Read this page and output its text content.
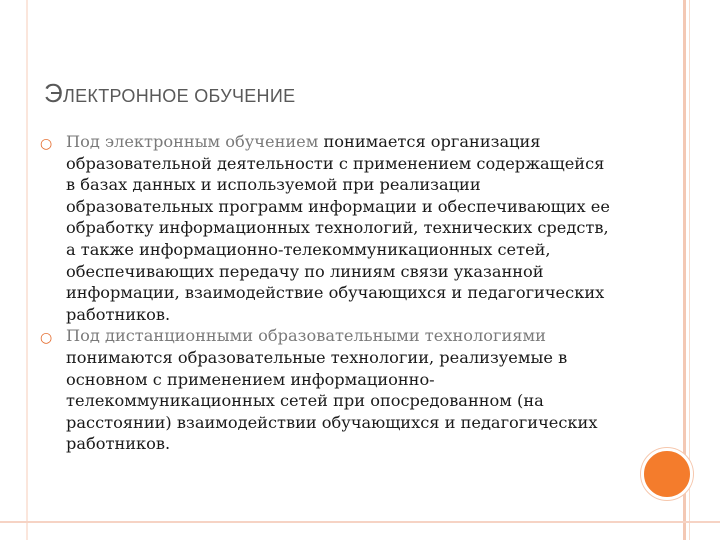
ЭЛЕКТРОННОЕ ОБУЧЕНИЕ
○ Под электронным обучением понимается организация образовательной деятельности с применением содержащейся в базах данных и используемой при реализации образовательных программ информации и обеспечивающих ее обработку информационных технологий, технических средств, а также информационно-телекоммуникационных сетей, обеспечивающих передачу по линиям связи указанной информации, взаимодействие обучающихся и педагогических работников.
○ Под дистанционными образовательными технологиями понимаются образовательные технологии, реализуемые в основном с применением информационно-телекоммуникационных сетей при опосредованном (на расстоянии) взаимодействии обучающихся и педагогических работников.
